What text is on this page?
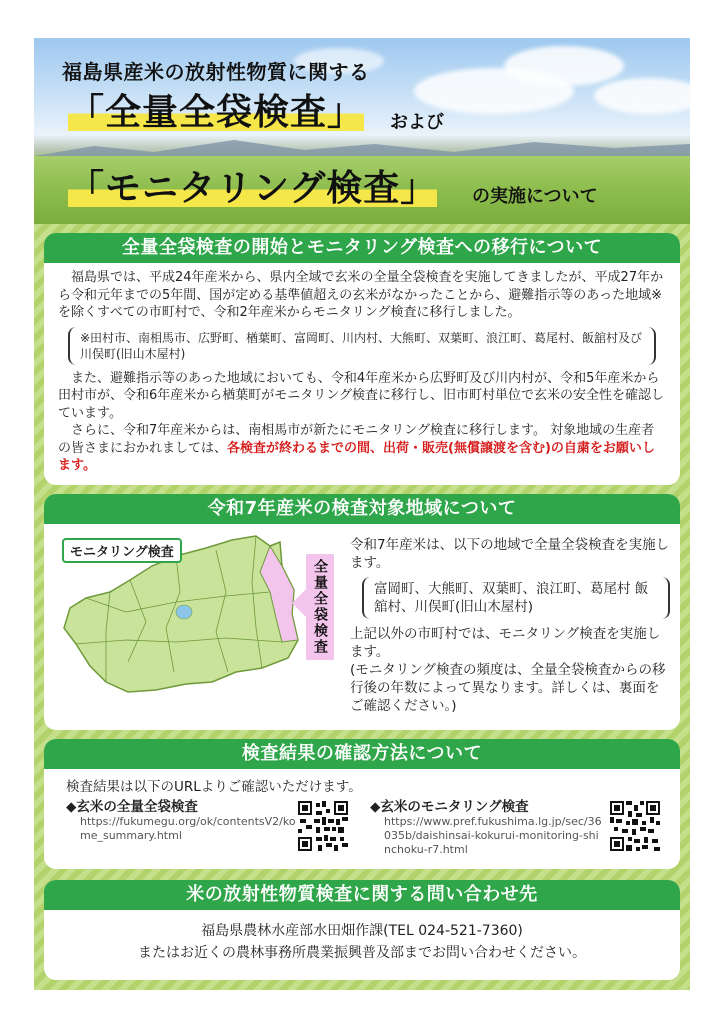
福島県産米の放射性物質に関する
「全量全袋検査」 および
「モニタリング検査」 の実施について
全量全袋検査の開始とモニタリング検査への移行について

福島県では、平成24年産米から、県内全域で玄米の全量全袋検査を実施してきましたが、平成27年から令和元年までの5年間、国が定める基準値超えの玄米がなかったことから、避難指示等のあった地域※を除くすべての市町村で、令和2年産米からモニタリング検査に移行しました。

※田村市、南相馬市、広野町、楢葉町、富岡町、川内村、大熊町、双葉町、浪江町、葛尾村、飯舘村及び川俣町(旧山木屋村)

また、避難指示等のあった地域においても、令和4年産米から広野町及び川内村が、令和5年産米から田村市が、令和6年産米から楢葉町がモニタリング検査に移行し、旧市町村単位で玄米の安全性を確認しています。

さらに、令和7年産米からは、南相馬市が新たにモニタリング検査に移行します。 対象地域の生産者の皆さまにおかれましては、各検査が終わるまでの間、出荷・販売(無償譲渡を含む)の自粛をお願いします。

令和7年産米の検査対象地域について
モニタリング検査
全量全袋検査
令和7年産米は、以下の地域で全量全袋検査を実施します。
富岡町、大熊町、双葉町、浪江町、葛尾村 飯舘村、川俣町(旧山木屋村)
上記以外の市町村では、モニタリング検査を実施します。
(モニタリング検査の頻度は、全量全袋検査からの移行後の年数によって異なります。詳しくは、裏面をご確認ください。)
検査結果の確認方法について
検査結果は以下のURLよりご確認いただけます。
◆玄米の全量全袋検査
https://fukumegu.org/ok/contentsV2/kome_summary.html
◆玄米のモニタリング検査
https://www.pref.fukushima.lg.jp/sec/36035b/daishinsai-kokurui-monitoring-shinchoku-r7.html
米の放射性物質検査に関する問い合わせ先
福島県農林水産部水田畑作課(TEL 024-521-7360)
またはお近くの農林事務所農業振興普及部までお問い合わせください。
